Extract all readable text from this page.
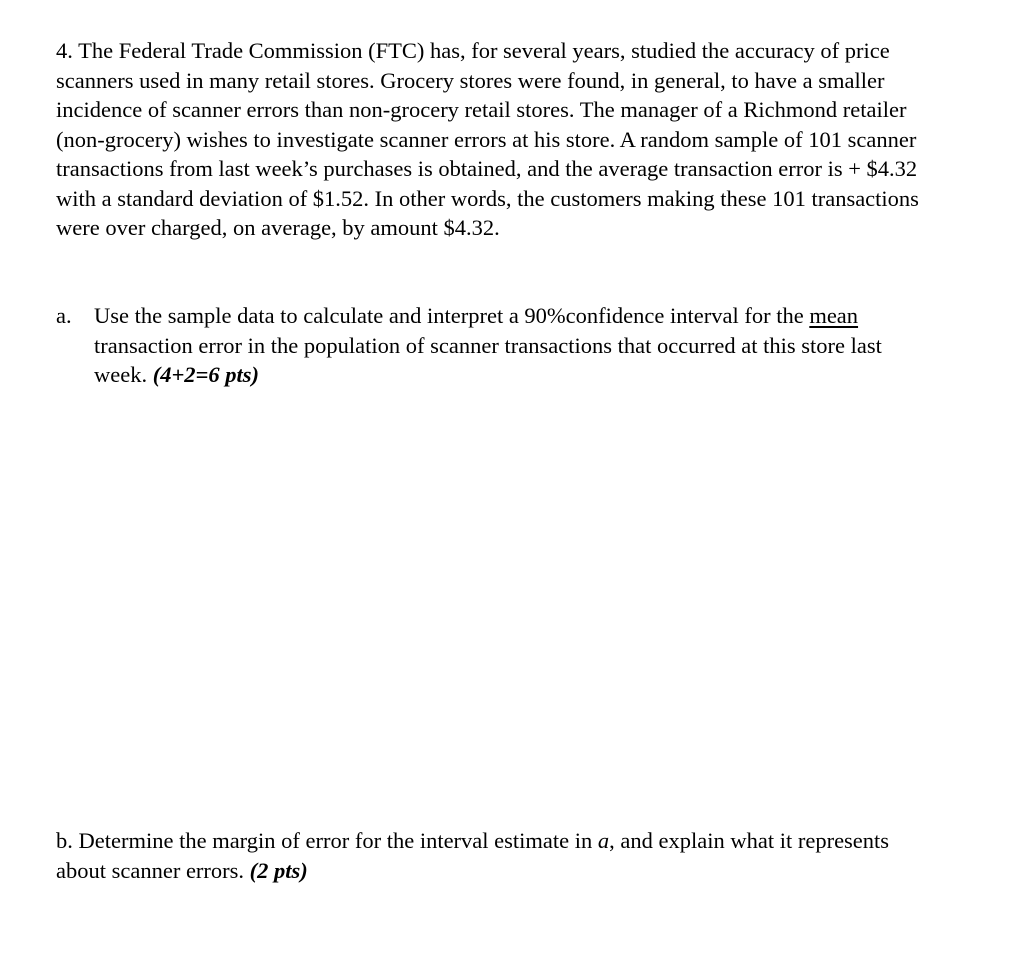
4. The Federal Trade Commission (FTC) has, for several years, studied the accuracy of price scanners used in many retail stores. Grocery stores were found, in general, to have a smaller incidence of scanner errors than non-grocery retail stores. The manager of a Richmond retailer (non-grocery) wishes to investigate scanner errors at his store. A random sample of 101 scanner transactions from last week’s purchases is obtained, and the average transaction error is + $4.32 with a standard deviation of $1.52. In other words, the customers making these 101 transactions were over charged, on average, by amount $4.32.

a. Use the sample data to calculate and interpret a 90%confidence interval for the mean transaction error in the population of scanner transactions that occurred at this store last week. (4+2=6 pts)

b. Determine the margin of error for the interval estimate in a, and explain what it represents about scanner errors. (2 pts)
